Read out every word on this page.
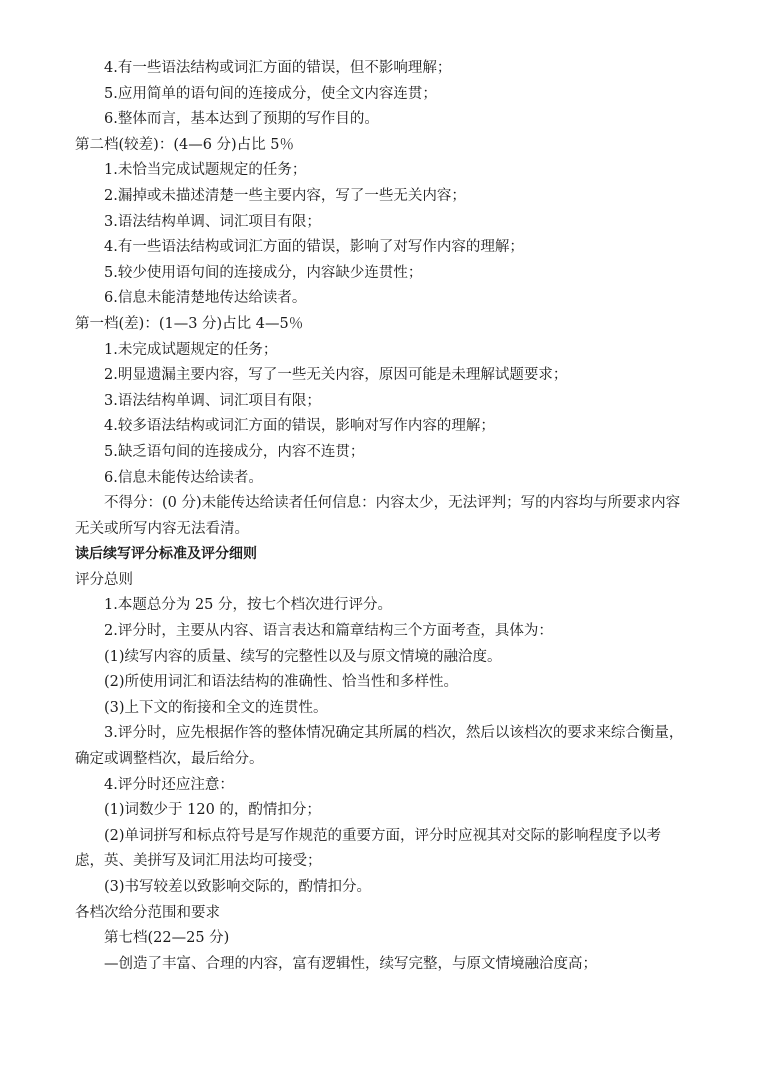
4.有一些语法结构或词汇方面的错误，但不影响理解；

5.应用简单的语句间的连接成分，使全文内容连贯；

6.整体而言，基本达到了预期的写作目的。

第二档(较差)：(4—6 分)占比 5％

1.未恰当完成试题规定的任务；

2.漏掉或未描述清楚一些主要内容，写了一些无关内容；

3.语法结构单调、词汇项目有限；

4.有一些语法结构或词汇方面的错误，影响了对写作内容的理解；

5.较少使用语句间的连接成分，内容缺少连贯性；

6.信息未能清楚地传达给读者。

第一档(差)：(1—3 分)占比 4—5％

1.未完成试题规定的任务；

2.明显遗漏主要内容，写了一些无关内容，原因可能是未理解试题要求；

3.语法结构单调、词汇项目有限；

4.较多语法结构或词汇方面的错误，影响对写作内容的理解；

5.缺乏语句间的连接成分，内容不连贯；

6.信息未能传达给读者。

不得分：(0 分)未能传达给读者任何信息：内容太少，无法评判；写的内容均与所要求内容

无关或所写内容无法看清。

读后续写评分标准及评分细则

评分总则

1.本题总分为 25 分，按七个档次进行评分。

2.评分时，主要从内容、语言表达和篇章结构三个方面考查，具体为：

(1)续写内容的质量、续写的完整性以及与原文情境的融洽度。

(2)所使用词汇和语法结构的准确性、恰当性和多样性。

(3)上下文的衔接和全文的连贯性。

3.评分时，应先根据作答的整体情况确定其所属的档次，然后以该档次的要求来综合衡量，

确定或调整档次，最后给分。

4.评分时还应注意：

(1)词数少于 120 的，酌情扣分；

(2)单词拼写和标点符号是写作规范的重要方面，评分时应视其对交际的影响程度予以考

虑，英、美拼写及词汇用法均可接受；

(3)书写较差以致影响交际的，酌情扣分。

各档次给分范围和要求

第七档(22—25 分)

—创造了丰富、合理的内容，富有逻辑性，续写完整，与原文情境融洽度高；
